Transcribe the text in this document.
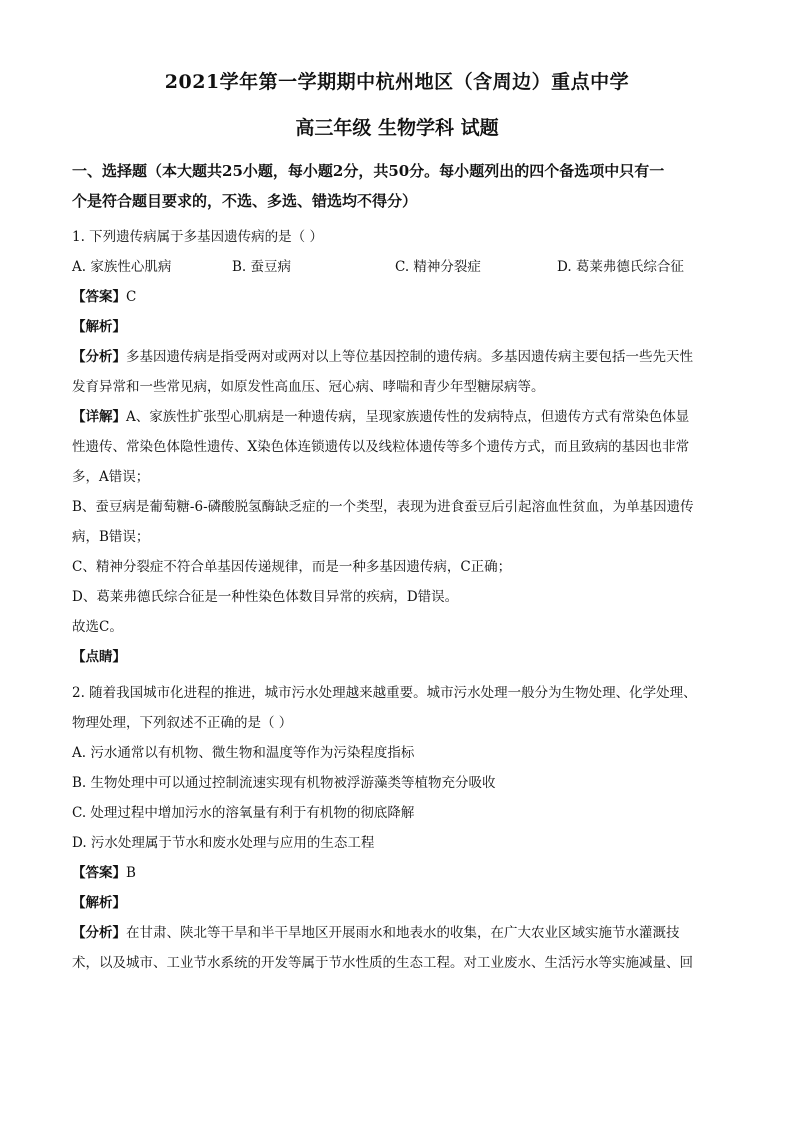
2021学年第一学期期中杭州地区（含周边）重点中学
高三年级 生物学科 试题
一、选择题（本大题共25小题，每小题2分，共50分。每小题列出的四个备选项中只有一
个是符合题目要求的，不选、多选、错选均不得分）

1. 下列遗传病属于多基因遗传病的是（ ）

A. 家族性心肌病	B. 蚕豆病	C. 精神分裂症	D. 葛莱弗德氏综合征

【答案】C

【解析】

【分析】多基因遗传病是指受两对或两对以上等位基因控制的遗传病。多基因遗传病主要包括一些先天性

发育异常和一些常见病，如原发性高血压、冠心病、哮喘和青少年型糖尿病等。

【详解】A、家族性扩张型心肌病是一种遗传病，呈现家族遗传性的发病特点，但遗传方式有常染色体显

性遗传、常染色体隐性遗传、X染色体连锁遗传以及线粒体遗传等多个遗传方式，而且致病的基因也非常

多，A错误；

B、蚕豆病是葡萄糖-6-磷酸脱氢酶缺乏症的一个类型，表现为进食蚕豆后引起溶血性贫血，为单基因遗传

病，B错误；

C、精神分裂症不符合单基因传递规律，而是一种多基因遗传病，C正确；

D、葛莱弗德氏综合征是一种性染色体数目异常的疾病，D错误。

故选C。

【点睛】

2. 随着我国城市化进程的推进，城市污水处理越来越重要。城市污水处理一般分为生物处理、化学处理、

物理处理，下列叙述不正确的是（ ）

A. 污水通常以有机物、微生物和温度等作为污染程度指标

B. 生物处理中可以通过控制流速实现有机物被浮游藻类等植物充分吸收

C. 处理过程中增加污水的溶氧量有利于有机物的彻底降解

D. 污水处理属于节水和废水处理与应用的生态工程

【答案】B

【解析】

【分析】在甘肃、陕北等干旱和半干旱地区开展雨水和地表水的收集，在广大农业区域实施节水灌溉技

术，以及城市、工业节水系统的开发等属于节水性质的生态工程。对工业废水、生活污水等实施减量、回
